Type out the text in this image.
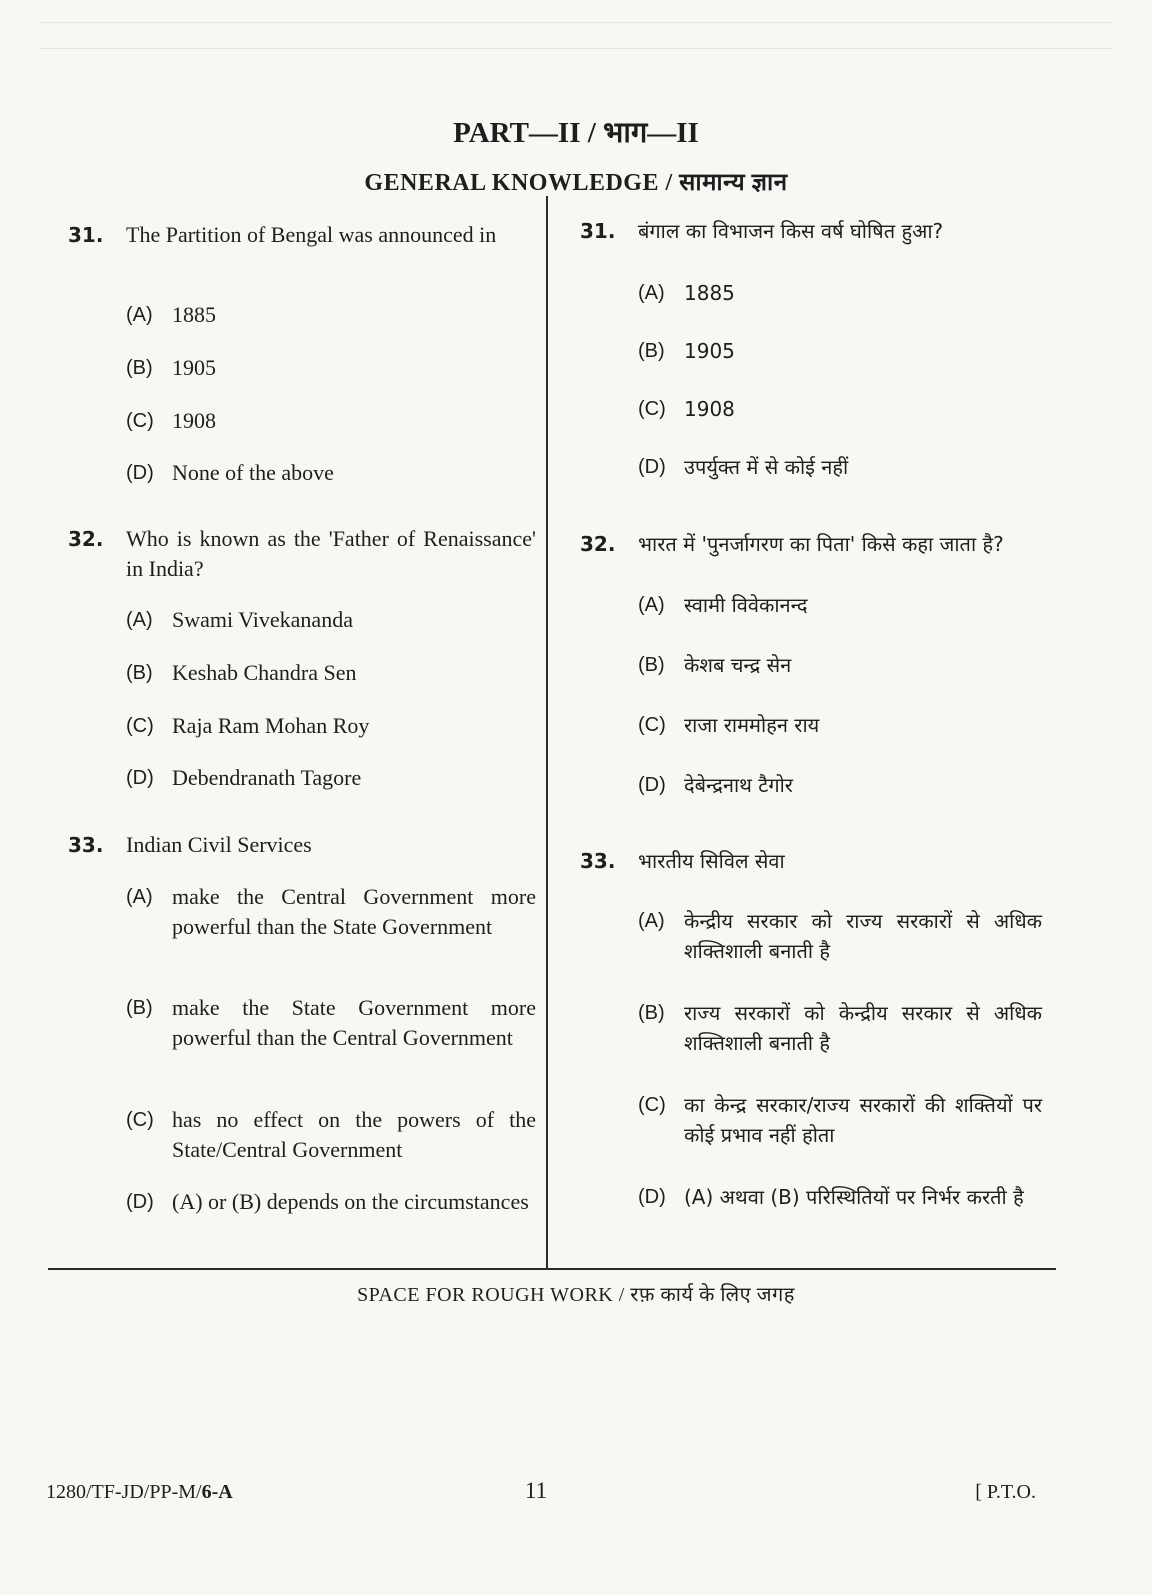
PART—II / भाग—II
GENERAL KNOWLEDGE / सामान्य ज्ञान
31.	The Partition of Bengal was announced in
(A) 1885
(B) 1905
(C) 1908
(D) None of the above
32.	Who is known as the 'Father of Renaissance' in India?
(A) Swami Vivekananda
(B) Keshab Chandra Sen
(C) Raja Ram Mohan Roy
(D) Debendranath Tagore
33.	Indian Civil Services
(A) make the Central Government more powerful than the State Government
(B) make the State Government more powerful than the Central Government
(C) has no effect on the powers of the State/Central Government
(D) (A) or (B) depends on the circumstances
31.	बंगाल का विभाजन किस वर्ष घोषित हुआ?
(A) 1885
(B) 1905
(C) 1908
(D) उपर्युक्त में से कोई नहीं
32.	भारत में 'पुनर्जागरण का पिता' किसे कहा जाता है?
(A) स्वामी विवेकानन्द
(B) केशब चन्द्र सेन
(C) राजा राममोहन राय
(D) देबेन्द्रनाथ टैगोर
33.	भारतीय सिविल सेवा
(A) केन्द्रीय सरकार को राज्य सरकारों से अधिक शक्तिशाली बनाती है
(B) राज्य सरकारों को केन्द्रीय सरकार से अधिक शक्तिशाली बनाती है
(C) का केन्द्र सरकार/राज्य सरकारों की शक्तियों पर कोई प्रभाव नहीं होता
(D) (A) अथवा (B) परिस्थितियों पर निर्भर करती है
SPACE FOR ROUGH WORK / रफ़ कार्य के लिए जगह
1280/TF-JD/PP-M/6-A	11	[ P.T.O.
